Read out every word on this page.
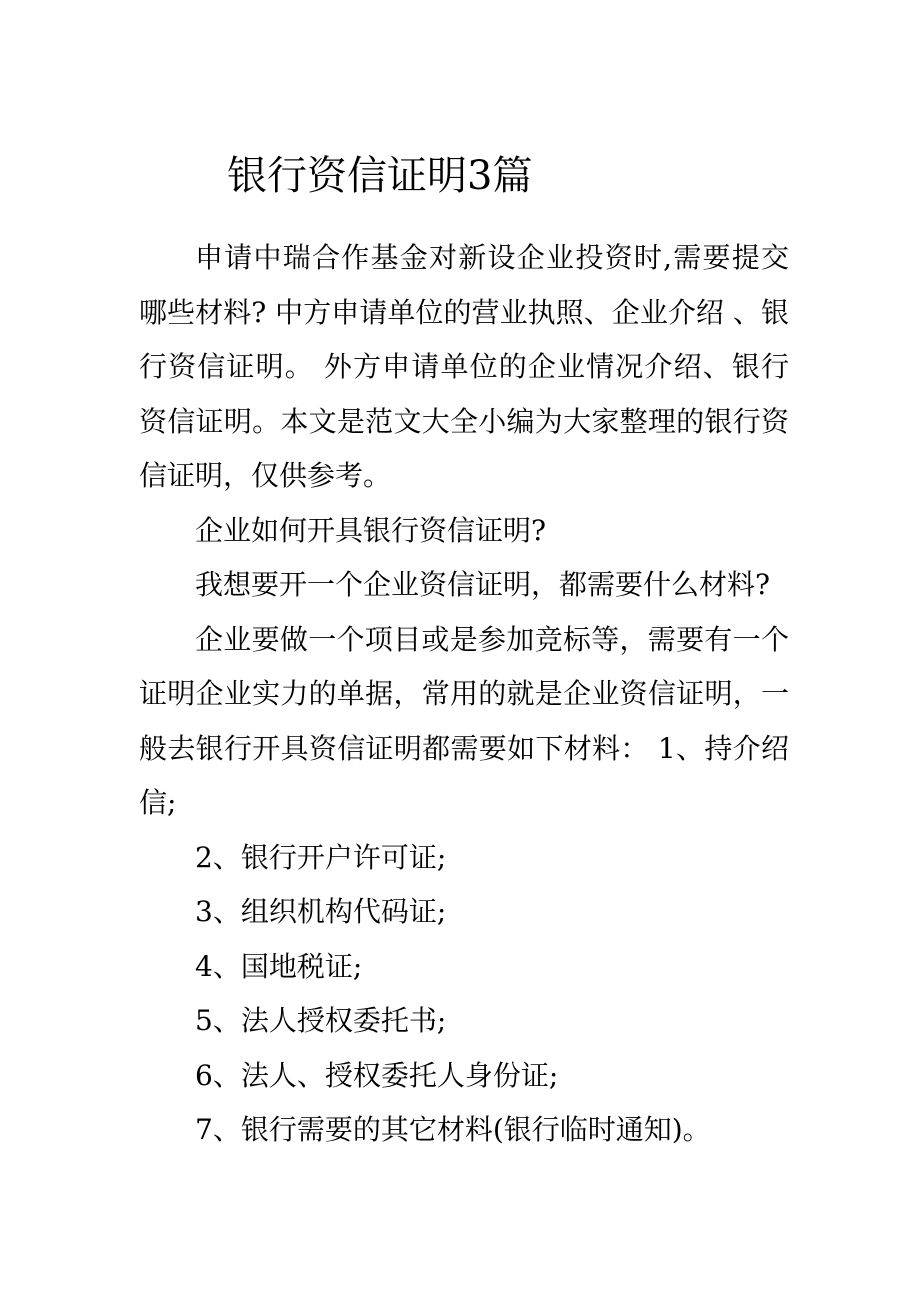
银行资信证明3篇

申请中瑞合作基金对新设企业投资时,需要提交哪些材料? 中方申请单位的营业执照、企业介绍 、银行资信证明。 外方申请单位的企业情况介绍、银行资信证明。本文是范文大全小编为大家整理的银行资信证明，仅供参考。

企业如何开具银行资信证明?

我想要开一个企业资信证明，都需要什么材料?

企业要做一个项目或是参加竞标等，需要有一个证明企业实力的单据，常用的就是企业资信证明，一般去银行开具资信证明都需要如下材料： 1、持介绍信;

2、银行开户许可证;

3、组织机构代码证;

4、国地税证;

5、法人授权委托书;

6、法人、授权委托人身份证;

7、银行需要的其它材料(银行临时通知)。
